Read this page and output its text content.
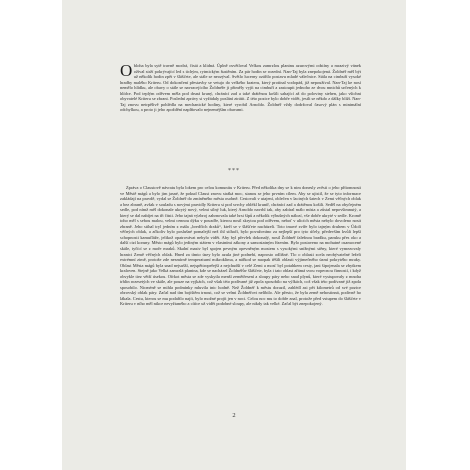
Obloha byla sytě travně modrá, čistá a klidná. Úplně osvětloval Velkou zamrzlou planinu azurovými odstíny a mrazivý vánek ožíval strží pokrývající led s tichým, rytmickým šustěním. Za pár hodin se rozední. Nan-Taj byla znepokojená. Žoldnéř měl být už několik hodin zpět v šlášťete, ale stále se neozýval. Světlo lucerny ozářilo postavu mladé válečnice. Stála na cimbuří vysoké hradby malého Kriteru. Od dokončení přestavby se vetujo do velkého krateru, který protínal vodopád, již nepoužíval. Nan-Taj ke nosí nemělo hlídku, ale obavy o stále se navracejícího Žoldnéře ji přiměly vyjít na cimbuří a zastoupit jednoho ze dvou mnichů určených k hlídce. Pod teplým oděvem měla pod drsná kruný, chránící zad a také drátěnou košili sahající až do poloviny stehen, jako všichni obyvatelé Kriteru se zbrani. Poslední zprávy si vyžádaly poslání ztrátit. Z této pozice bylo dobře vidět, jestli se někdo z dálky blíží. Nan-Taj znovu netrpělivě pohlédla na mechanické hodiny, které vyrobil Arnoldo. Žoldnéř vždy dodržoval časový plán s minimální odchylkou, a proto ji jeho zpoždění naplňovalo nejneméjším obavami.

***

Zpráva o Claustově návratu byla lokem pro celou komunitu v Kriteru. Před několika dny se k nim donesly zvěsti o jeho přítomnosti ve Městě mágů a bylo jim jasné, že pokud Claust znovu stráká moc, stanou se jeho prvním cílem. Aby se ujistil, že se tyto informace zakládají na pravdě, vydal se Žoldnéř do zmíněného města osobně. Cestovali v utajení, oblečen v laciných šatech v Zemi věčných oblak a bez zbraně, avšak v souladu s novými pravidly Kriteru si pod svrchy oblékl kruníř, chránící zad a drátěnou košili. Seděl na obyčejném sedle, pod nímž měl dokonale ukrytý nový, velmi silný luk, který Arnoldo navrhl tak, aby zabíral málo místa a zůstal nepovšimnutý, a který se dal nabíjet na tři části. Jeho tajná výzbroj zahrnovala také hrst šípů a několik výbušných nálozí, vše dobře ukryté v sedle. Kromě toho měl s sebou malou, velmi cennou dýku v pouzdře, kterou nosil skrytou pod oděvem, neboť v ulicích města nebylo dovoleno nosit zbraně. Jeho stihal tryl jedním z mála „bredčích draků“, kteří se v šlášťete nacházeli. Toto tmavé zvíře bylo tajným druhem v Údolí věčných oblak, a ačkoliv bylo poslušné pomalejší než ihl stíhačí, bylo považováno za nejlepší pro tyto účely, především kvůli lepší schopnosti kamufláže, jelikož opatrovávat nebylo vidět. Aby byl převlek dokonalý, nosil Žoldnéř falešnou bradku, paruku přes oko a další cizí koruny. Město mágů bylo jediným státem v vlastními zákony a samostatným řízením. Bylo postaveno na mohutné osamocené skále, tyčící se z moře mraků. Skalní masiv byl spojen pevným opevněným mostem s vysokými snížnými stěny, které vymezovaly hranici Země věčných oblak. Hned za tímto úsey bylo azula jiné podnebí, naprosto odlišné. Tlo o oblasti zcela neobývatelné leželi extrémní zimě, protože zde nesmírně temperaturní mikroklima, a nářkod se naopak těšili oblasti výjimečného úzmí pokrytého mraky. Oblast Města mágů byla snad nejsušší, nejspěttropeřejší a nejchudší v celé Zemi a mosť byl potahkem cesty, jani šipojenala se zbytkem kraloven. Stejně jako Velká zamrzlá planina, kde se nacházel Žoldnéřův šlášťete, byla i tato oblast zřámá svou vopecnou činností, i když obvykle tiez větší úsekou. Ofrkot města se zde vyskytla menší zemětřesení a sloupy páry nebo snad plynů, které vystupovaly z mnoha trhlin rozesetých ve skále, ale pouze na vyjkách, což však této podívané již zpola sposobilo na výlkách, což však této podívané již zpola sposobilo. Nicméně se mihla podmínky mluvila tnic hodně. Než Žoldnéř k městu dorazil, zahlédl asi pět kilometrů od své pozice obrovský oblak páry. Začal nad tím bojištěm trnout, což se velmi Žoldnéřovi nelíbilo. Ale přesto, že byla země nehostinná, podivně ho lákala. Cestu, kterou se mu podařilo najít, bylo možné projít jen v noci. Celou noc mu to dobře znal, protože před vstupem do šlášťete v Kriteru v ního měl nikce nevyžtaného a cítíce už vidět podobné sloupy, ale nikdy tak velké. Začal být znepokojený.

2
